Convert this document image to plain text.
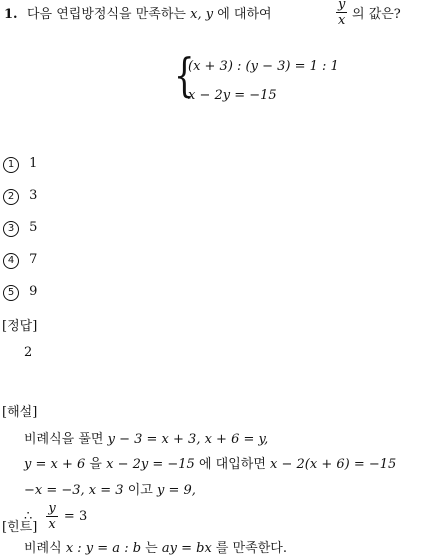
1. 다음 연립방정식을 만족하는 x, y 에 대하여	$\frac{y}{x}$ 의 값은?
{
(x + 3) : (y − 3) = 1 : 1
x − 2y = −15
1 1
2 3
3 5
4 7
5 9
[정답]
2
[해설]
비례식을 풀면 y − 3 = x + 3, x + 6 = y,
y = x + 6 을 x − 2y = −15 에 대입하면 x − 2(x + 6) = −15
−x = −3, x = 3 이고 y = 9,
∴ $\frac{y}{x} = 3$
[힌트]
비례식 x : y = a : b 는 ay = bx 를 만족한다.
